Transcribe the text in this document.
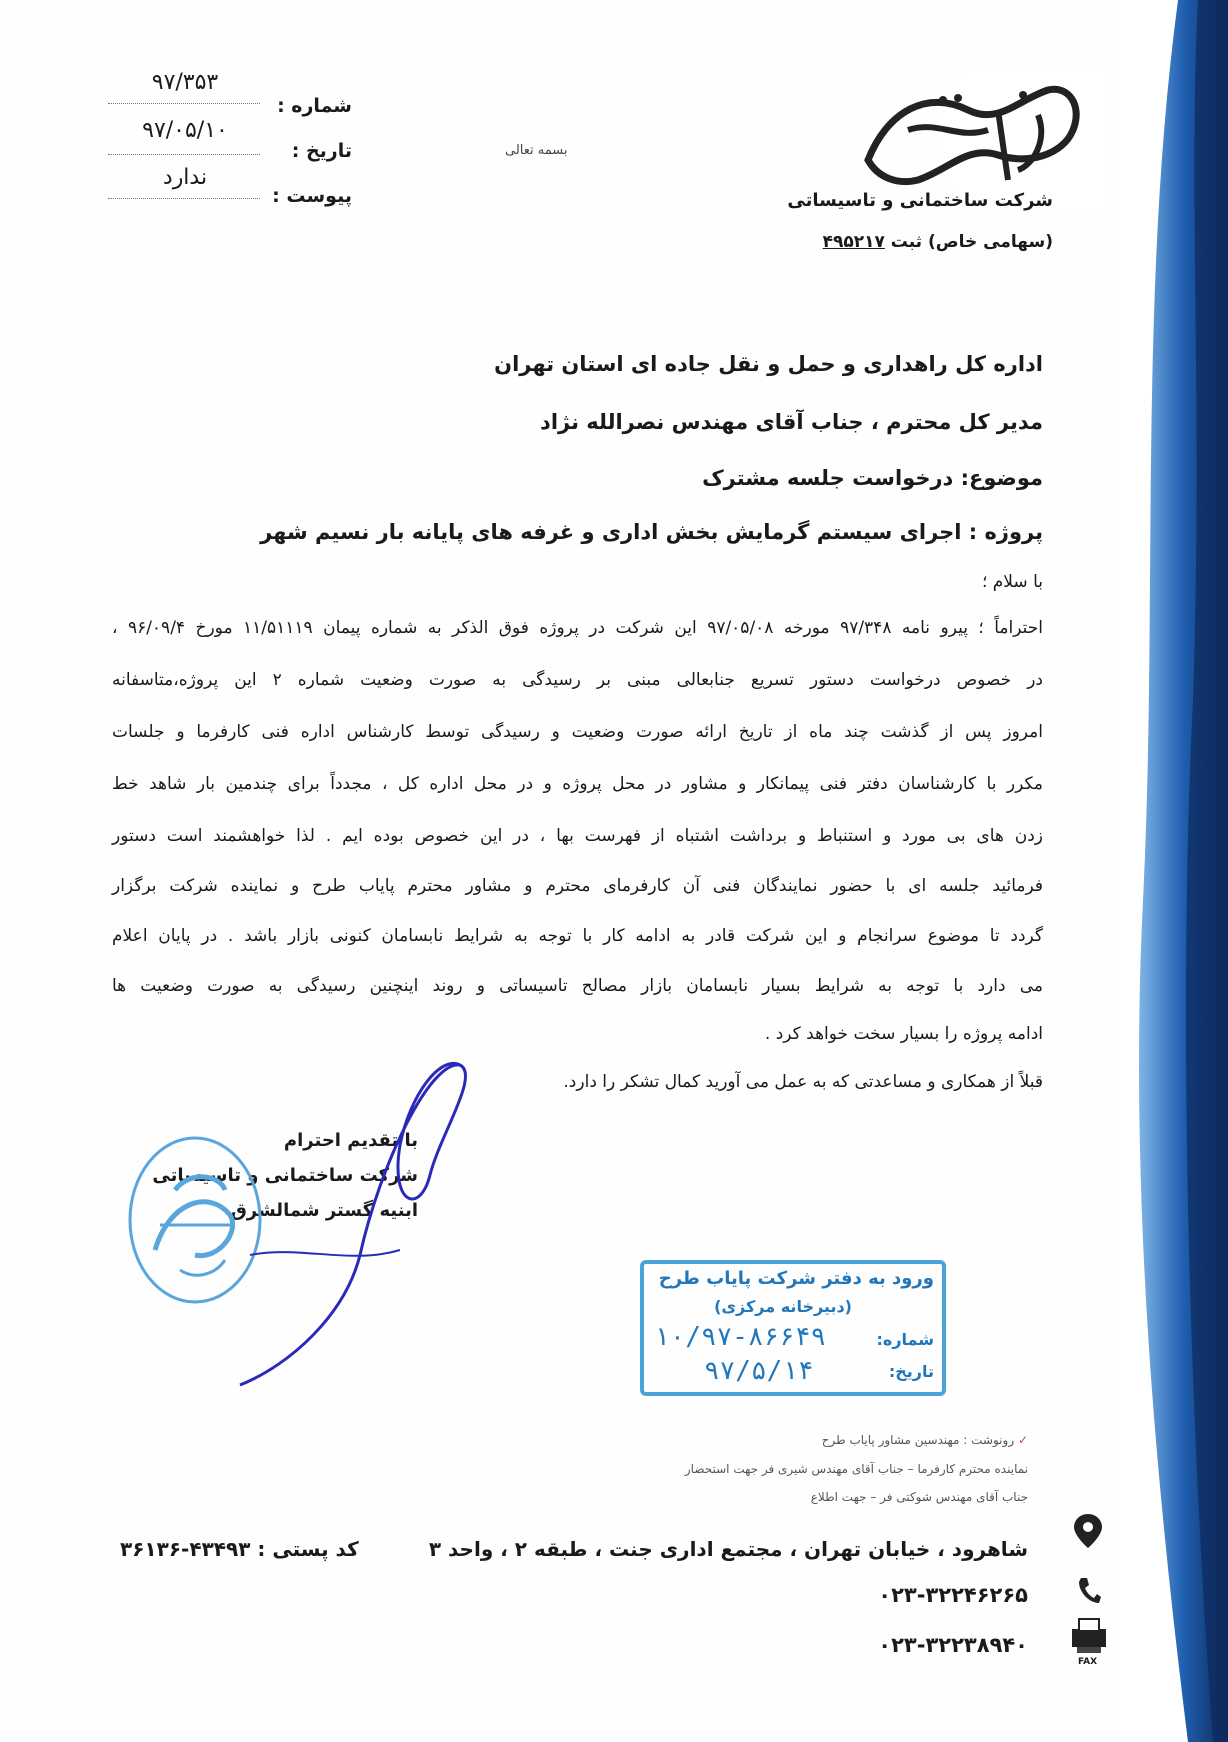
شرکت ساختمانی و تاسیساتی
(سهامی خاص) ثبت ۴۹۵۲۱۷
بسمه تعالی
شماره :
۹۷/۳۵۳
تاریخ :
۹۷/۰۵/۱۰
پیوست :
ندارد
اداره کل راهداری و حمل و نقل جاده ای استان تهران
مدیر کل محترم ، جناب آقای مهندس نصرالله نژاد
موضوع: درخواست جلسه مشترک
پروژه : اجرای سیستم گرمایش بخش اداری و غرفه های پایانه بار نسیم شهر
با سلام ؛
احتراماً ؛ پیرو نامه ۹۷/۳۴۸ مورخه ۹۷/۰۵/۰۸ این شرکت در پروژه فوق الذکر به شماره پیمان ۱۱/۵۱۱۱۹ مورخ ۹۶/۰۹/۴ ،
در خصوص درخواست دستور تسریع جنابعالی مبنی بر رسیدگی به صورت وضعیت شماره ۲ این پروژه،متاسفانه
امروز پس از گذشت چند ماه از تاریخ ارائه صورت وضعیت و رسیدگی توسط کارشناس اداره فنی کارفرما و جلسات
مکرر با کارشناسان دفتر فنی پیمانکار و مشاور در محل پروژه و در محل اداره کل ، مجدداً برای چندمین بار شاهد خط
زدن های بی مورد و استنباط و برداشت اشتباه از فهرست بها ، در این خصوص بوده ایم . لذا خواهشمند است دستور
فرمائید جلسه ای با حضور نمایندگان فنی آن کارفرمای محترم و مشاور محترم پایاب طرح و نماینده شرکت برگزار
گردد تا موضوع سرانجام و این شرکت قادر به ادامه کار با توجه به شرایط نابسامان کنونی بازار باشد . در پایان اعلام
می دارد با توجه به شرایط بسیار نابسامان بازار مصالح تاسیساتی و روند اینچنین رسیدگی به صورت وضعیت ها
ادامه پروژه را بسیار سخت خواهد کرد .
قبلاً از همکاری و مساعدتی که به عمل می آورید کمال تشکر را دارد.
با تقدیم احترام
شرکت ساختمانی و تاسیساتی
ابنیه گستر شمالشرق
ورود به دفتر شرکت پایاب طرح
(دبیرخانه مرکزی)
شماره:
۱۰/۹۷-۸۶۶۴۹
تاریخ:
۹۷/۵/۱۴
✓ رونوشت : مهندسین مشاور پایاب طرح
نماینده محترم کارفرما – جناب آقای مهندس شیری فر جهت استحضار
جناب آقای مهندس شوکتی فر – جهت اطلاع
شاهرود ، خیابان تهران ، مجتمع اداری جنت ، طبقه ۲ ، واحد ۳
کد پستی : ۴۳۴۹۳-۳۶۱۳۶
۰۲۳-۳۲۲۴۶۲۶۵
۰۲۳-۳۲۲۳۸۹۴۰
FAX
